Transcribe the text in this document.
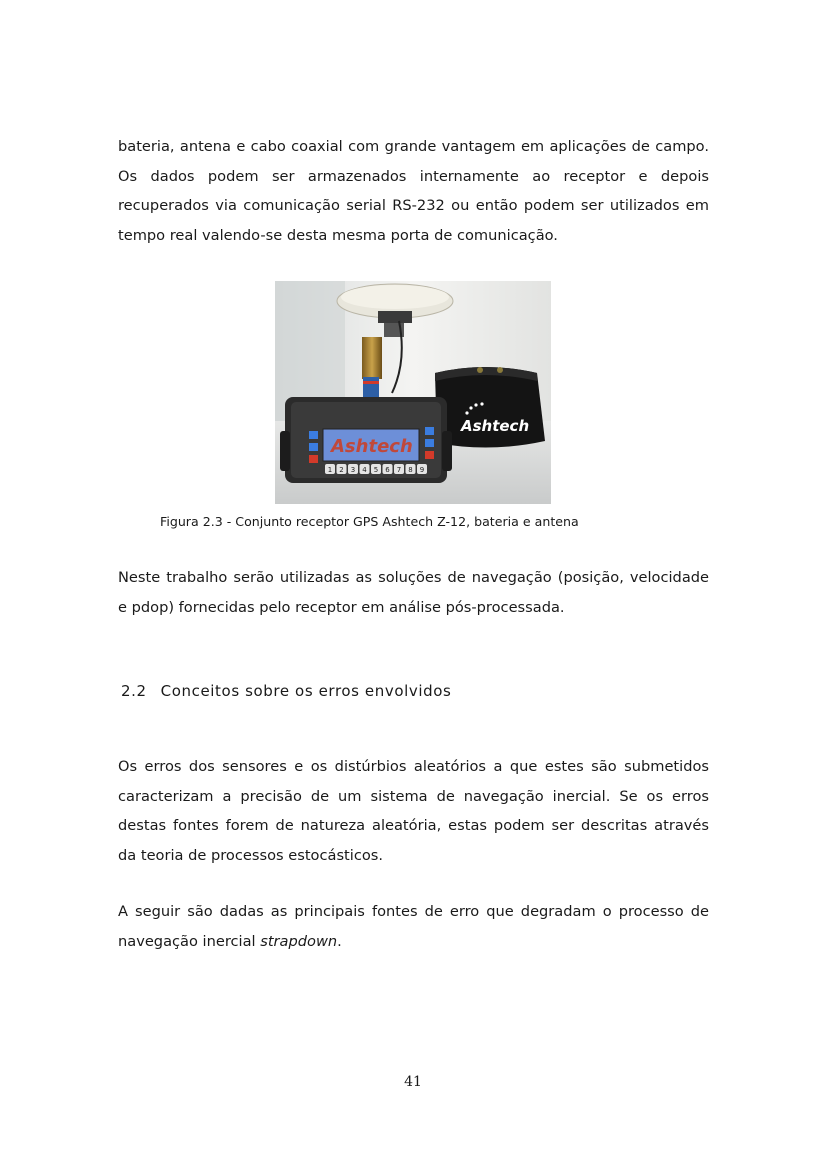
bateria, antena e cabo coaxial com grande vantagem em aplicações de campo.
Os dados podem ser armazenados internamente ao receptor e depois
recuperados via comunicação serial RS-232 ou então podem ser utilizados em
tempo real valendo-se desta mesma porta de comunicação.
Ashtech
Ashtech
1 2 3 4 5 6 7 8 9
Figura 2.3 - Conjunto receptor GPS Ashtech Z-12, bateria e antena
Neste trabalho serão utilizadas as soluções de navegação (posição, velocidade
e pdop) fornecidas pelo receptor em análise pós-processada.
2.2 Conceitos sobre os erros envolvidos
Os erros dos sensores e os distúrbios aleatórios a que estes são submetidos
caracterizam a precisão de um sistema de navegação inercial. Se os erros
destas fontes forem de natureza aleatória, estas podem ser descritas através
da teoria de processos estocásticos.
A seguir são dadas as principais fontes de erro que degradam o processo de
navegação inercial strapdown.
41
